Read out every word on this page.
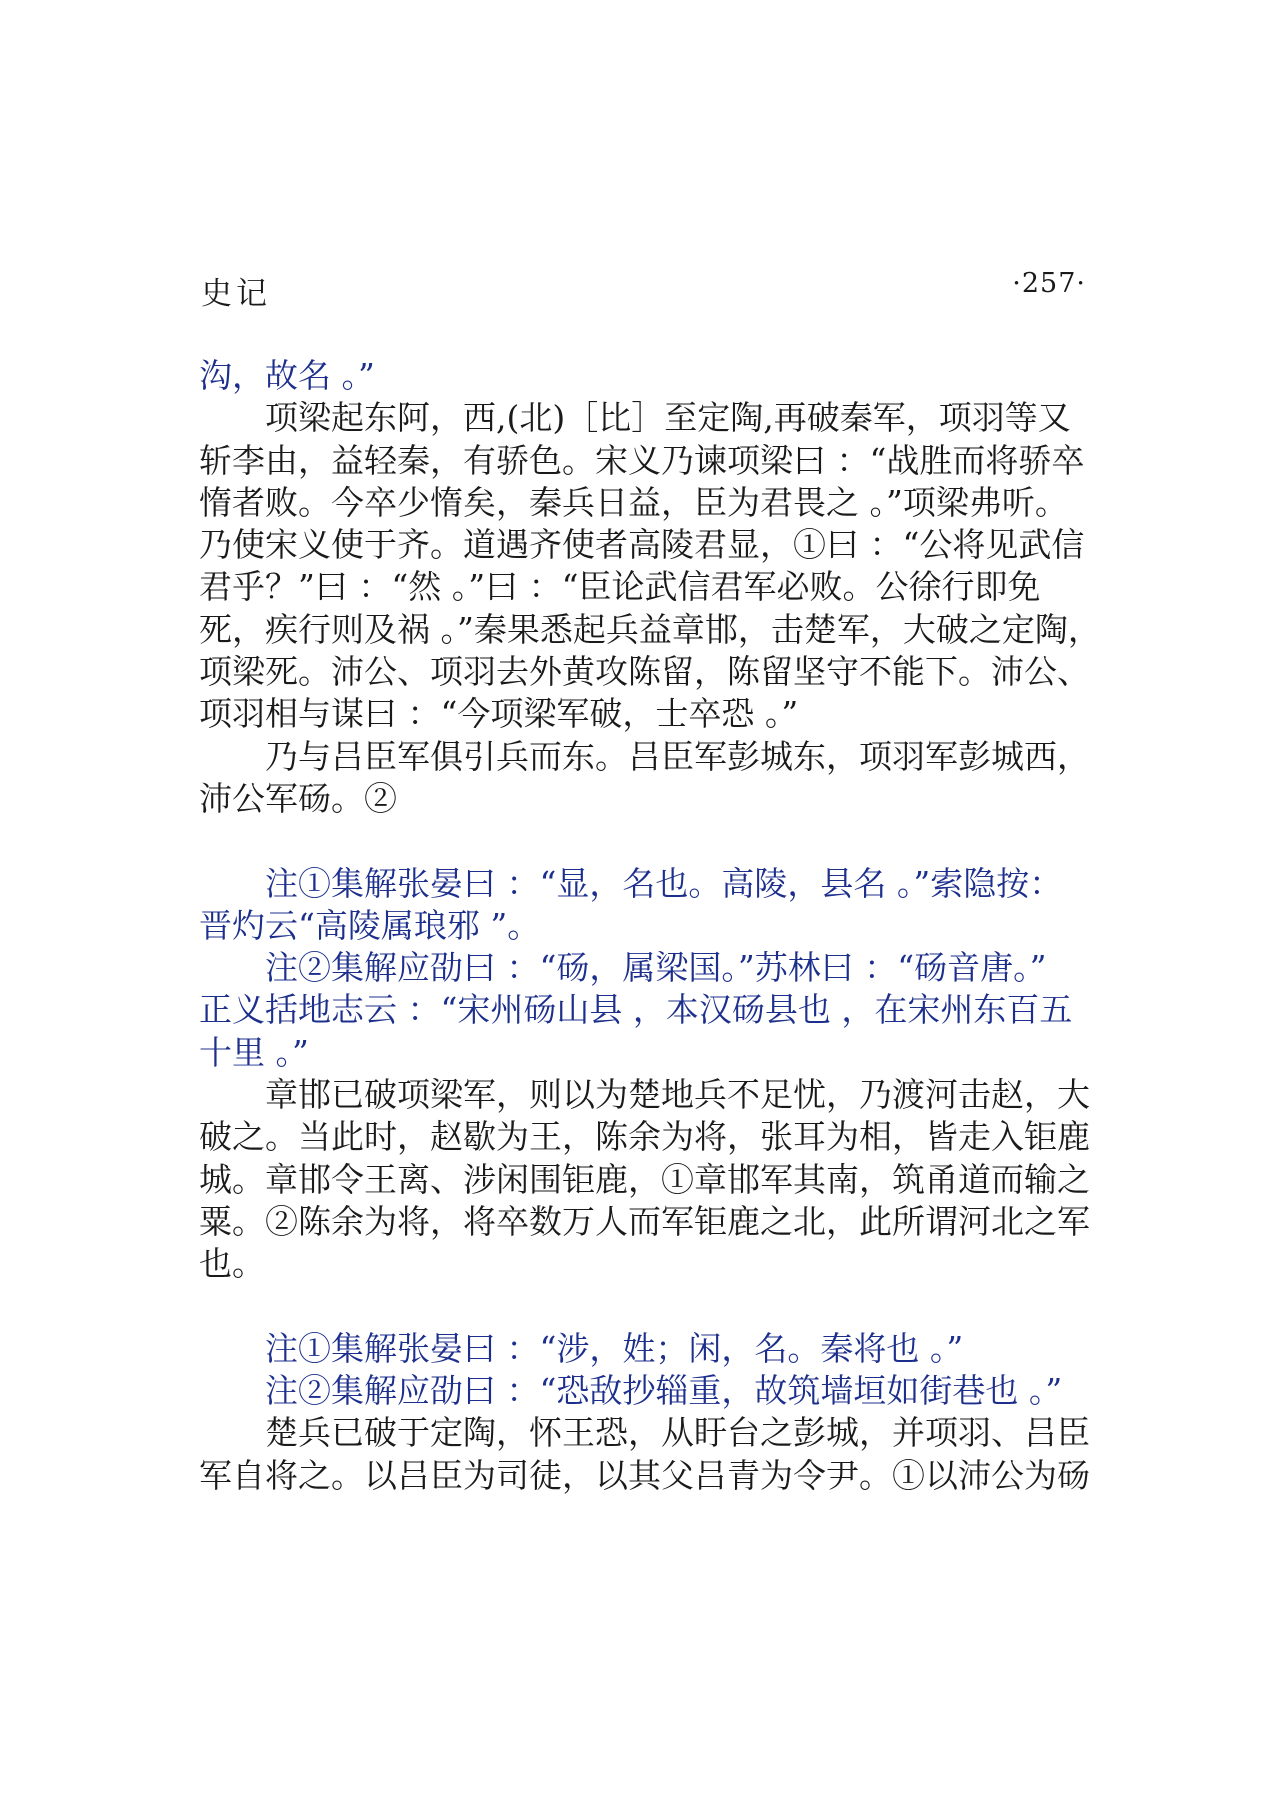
史记	·257·
沟，故名 。”
项梁起东阿，西,(北)［比］至定陶,再破秦军，项羽等又
斩李由，益轻秦，有骄色。宋义乃谏项梁曰 ：“战胜而将骄卒
惰者败。今卒少惰矣，秦兵日益，臣为君畏之 。”项梁弗听。
乃使宋义使于齐。道遇齐使者高陵君显，①曰 ：“公将见武信
君乎？”曰 ：“然 。”曰 ：“臣论武信君军必败。公徐行即免
死，疾行则及祸 。”秦果悉起兵益章邯，击楚军，大破之定陶，
项梁死。沛公、项羽去外黄攻陈留，陈留坚守不能下。沛公、
项羽相与谋曰 ：“今项梁军破，士卒恐 。”
乃与吕臣军俱引兵而东。吕臣军彭城东，项羽军彭城西，
沛公军砀。②
注①集解张晏曰 ：“显，名也。高陵，县名 。”索隐按：
晋灼云“高陵属琅邪 ”。
注②集解应劭曰 ：“砀，属梁国。”苏林曰 ：“砀音唐。”
正义括地志云 ：“宋州砀山县 ，本汉砀县也 ，在宋州东百五
十里 。”
章邯已破项梁军，则以为楚地兵不足忧，乃渡河击赵，大
破之。当此时，赵歇为王，陈余为将，张耳为相，皆走入钜鹿
城。章邯令王离、涉闲围钜鹿，①章邯军其南，筑甬道而输之
粟。②陈余为将，将卒数万人而军钜鹿之北，此所谓河北之军
也。
注①集解张晏曰 ：“涉，姓；闲，名。秦将也 。”
注②集解应劭曰 ：“恐敌抄辎重，故筑墙垣如街巷也 。”
楚兵已破于定陶，怀王恐，从盱台之彭城，并项羽、吕臣
军自将之。以吕臣为司徒，以其父吕青为令尹。①以沛公为砀
